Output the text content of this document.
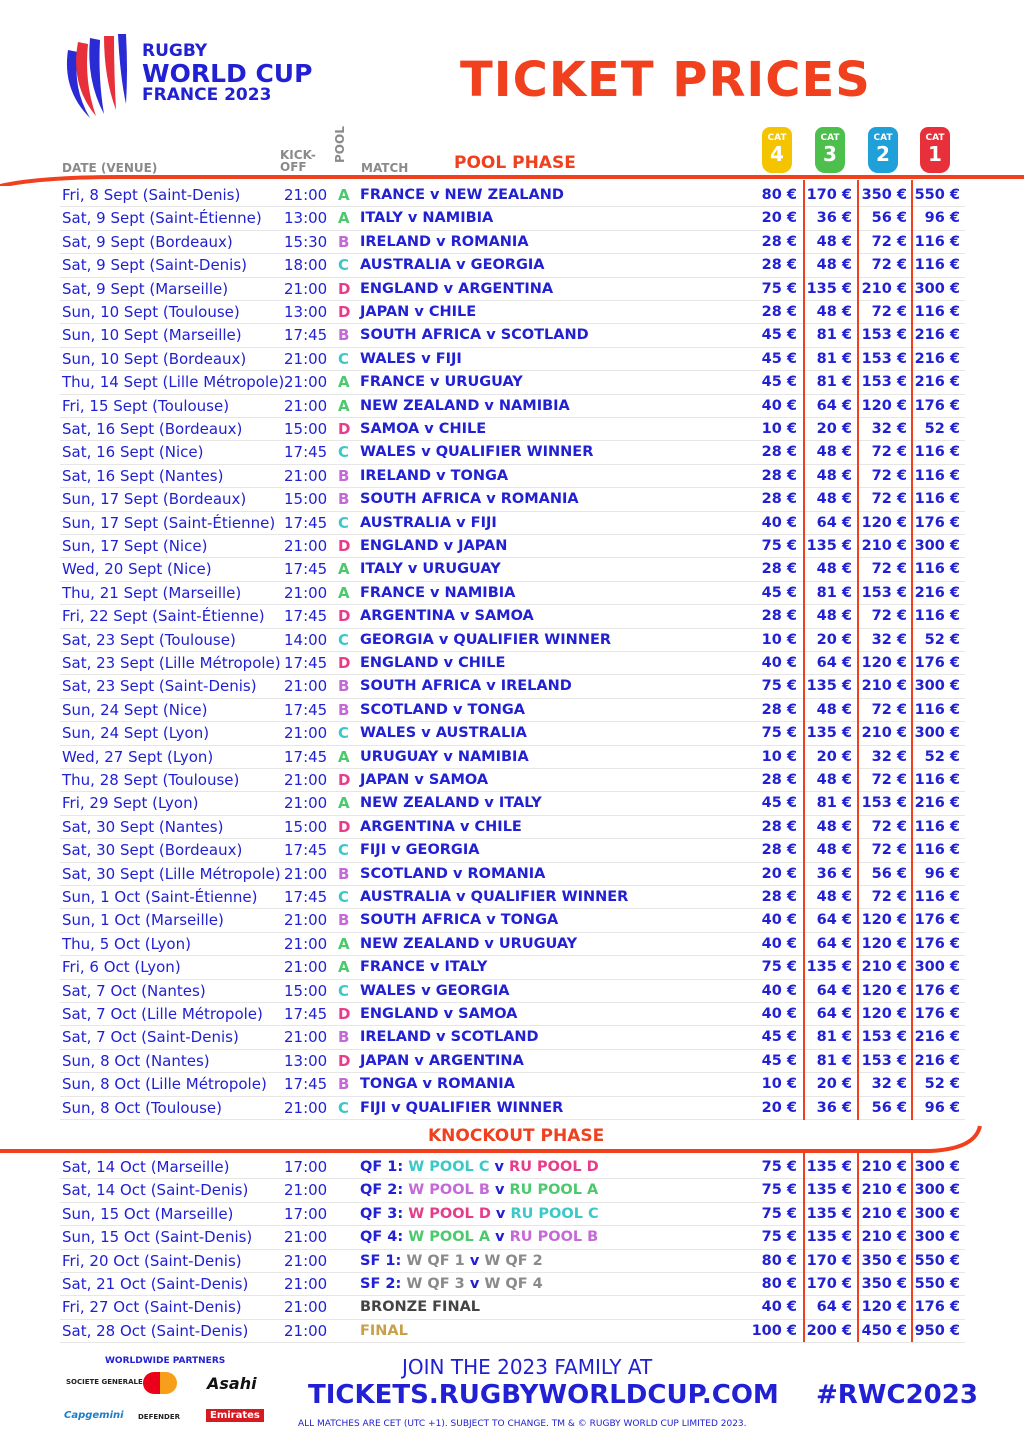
RUGBY
WORLD CUP
FRANCE 2023	TICKET PRICES
DATE (VENUE)
KICK-
OFF
POOL
MATCH	POOL PHASE
CAT
4
CAT
3
CAT
2
CAT
1
Fri, 8 Sept (Saint-Denis)	21:00 A FRANCE v NEW ZEALAND	80 € 170 € 350 € 550 €
Sat, 9 Sept (Saint-Étienne) 13:00 A ITALY v NAMIBIA	20 €	36 €	56 €	96 €
Sat, 9 Sept (Bordeaux)	15:30 B IRELAND v ROMANIA	28 €	48 €	72 € 116 €
Sat, 9 Sept (Saint-Denis) 18:00 C AUSTRALIA v GEORGIA	28 €	48 €	72 € 116 €
Sat, 9 Sept (Marseille)	21:00 D ENGLAND v ARGENTINA	75 € 135 € 210 € 300 €
Sun, 10 Sept (Toulouse)	13:00 D JAPAN v CHILE	28 €	48 €	72 € 116 €
Sun, 10 Sept (Marseille)	17:45 B SOUTH AFRICA v SCOTLAND	45 €	81 € 153 € 216 €
Sun, 10 Sept (Bordeaux)	21:00 C WALES v FIJI	45 €	81 € 153 € 216 €
Thu, 14 Sept (Lille Métropole) 21:00 A FRANCE v URUGUAY	45 €	81 € 153 € 216 €
Fri, 15 Sept (Toulouse)	21:00 A NEW ZEALAND v NAMIBIA	40 €	64 € 120 € 176 €
Sat, 16 Sept (Bordeaux)	15:00 D SAMOA v CHILE	10 €	20 €	32 €	52 €
Sat, 16 Sept (Nice)	17:45 C WALES v QUALIFIER WINNER	28 €	48 €	72 € 116 €
Sat, 16 Sept (Nantes)	21:00 B IRELAND v TONGA	28 €	48 €	72 € 116 €
Sun, 17 Sept (Bordeaux)	15:00 B SOUTH AFRICA v ROMANIA	28 €	48 €	72 € 116 €
Sun, 17 Sept (Saint-Étienne) 17:45 C AUSTRALIA v FIJI	40 €	64 € 120 € 176 €
Sun, 17 Sept (Nice)	21:00 D ENGLAND v JAPAN	75 € 135 € 210 € 300 €
Wed, 20 Sept (Nice)	17:45 A ITALY v URUGUAY	28 €	48 €	72 € 116 €
Thu, 21 Sept (Marseille)	21:00 A FRANCE v NAMIBIA	45 €	81 € 153 € 216 €
Fri, 22 Sept (Saint-Étienne) 17:45 D ARGENTINA v SAMOA	28 €	48 €	72 € 116 €
Sat, 23 Sept (Toulouse)	14:00 C GEORGIA v QUALIFIER WINNER	10 €	20 €	32 €	52 €
Sat, 23 Sept (Lille Métropole) 17:45 D ENGLAND v CHILE	40 €	64 € 120 € 176 €
Sat, 23 Sept (Saint-Denis) 21:00 B SOUTH AFRICA v IRELAND	75 € 135 € 210 € 300 €
Sun, 24 Sept (Nice)	17:45 B SCOTLAND v TONGA	28 €	48 €	72 € 116 €
Sun, 24 Sept (Lyon)	21:00 C WALES v AUSTRALIA	75 € 135 € 210 € 300 €
Wed, 27 Sept (Lyon)	17:45 A URUGUAY v NAMIBIA	10 €	20 €	32 €	52 €
Thu, 28 Sept (Toulouse)	21:00 D JAPAN v SAMOA	28 €	48 €	72 € 116 €
Fri, 29 Sept (Lyon)	21:00 A NEW ZEALAND v ITALY	45 €	81 € 153 € 216 €
Sat, 30 Sept (Nantes)	15:00 D ARGENTINA v CHILE	28 €	48 €	72 € 116 €
Sat, 30 Sept (Bordeaux)	17:45 C FIJI v GEORGIA	28 €	48 €	72 € 116 €
Sat, 30 Sept (Lille Métropole) 21:00 B SCOTLAND v ROMANIA	20 €	36 €	56 €	96 €
Sun, 1 Oct (Saint-Étienne) 17:45 C AUSTRALIA v QUALIFIER WINNER	28 €	48 €	72 € 116 €
Sun, 1 Oct (Marseille)	21:00 B SOUTH AFRICA v TONGA	40 €	64 € 120 € 176 €
Thu, 5 Oct (Lyon)	21:00 A NEW ZEALAND v URUGUAY	40 €	64 € 120 € 176 €
Fri, 6 Oct (Lyon)	21:00 A FRANCE v ITALY	75 € 135 € 210 € 300 €
Sat, 7 Oct (Nantes)	15:00 C WALES v GEORGIA	40 €	64 € 120 € 176 €
Sat, 7 Oct (Lille Métropole) 17:45 D ENGLAND v SAMOA	40 €	64 € 120 € 176 €
Sat, 7 Oct (Saint-Denis)	21:00 B IRELAND v SCOTLAND	45 €	81 € 153 € 216 €
Sun, 8 Oct (Nantes)	13:00 D JAPAN v ARGENTINA	45 €	81 € 153 € 216 €
Sun, 8 Oct (Lille Métropole) 17:45 B TONGA v ROMANIA	10 €	20 €	32 €	52 €
Sun, 8 Oct (Toulouse)	21:00 C FIJI v QUALIFIER WINNER	20 €	36 €	56 €	96 €
KNOCKOUT PHASE
Sat, 14 Oct (Marseille)	17:00 QF 1: W POOL C v RU POOL D	75 € 135 € 210 € 300 €
Sat, 14 Oct (Saint-Denis) 21:00 QF 2: W POOL B v RU POOL A	75 € 135 € 210 € 300 €
Sun, 15 Oct (Marseille)	17:00 QF 3: W POOL D v RU POOL C	75 € 135 € 210 € 300 €
Sun, 15 Oct (Saint-Denis) 21:00 QF 4: W POOL A v RU POOL B	75 € 135 € 210 € 300 €
Fri, 20 Oct (Saint-Denis)	21:00 SF 1: W QF 1 v W QF 2	80 € 170 € 350 € 550 €
Sat, 21 Oct (Saint-Denis) 21:00 SF 2: W QF 3 v W QF 4	80 € 170 € 350 € 550 €
Fri, 27 Oct (Saint-Denis)	21:00 BRONZE FINAL	40 €	64 € 120 € 176 €
Sat, 28 Oct (Saint-Denis) 21:00 FINAL	100 € 200 € 450 € 950 €
WORLDWIDE PARTNERS
SOCIETE GENERALE	Asahi
Capgemini DEFENDER	Emirates
JOIN THE 2023 FAMILY AT
TICKETS.RUGBYWORLDCUP.COM #RWC2023
ALL MATCHES ARE CET (UTC +1). SUBJECT TO CHANGE. TM & © RUGBY WORLD CUP LIMITED 2023.
